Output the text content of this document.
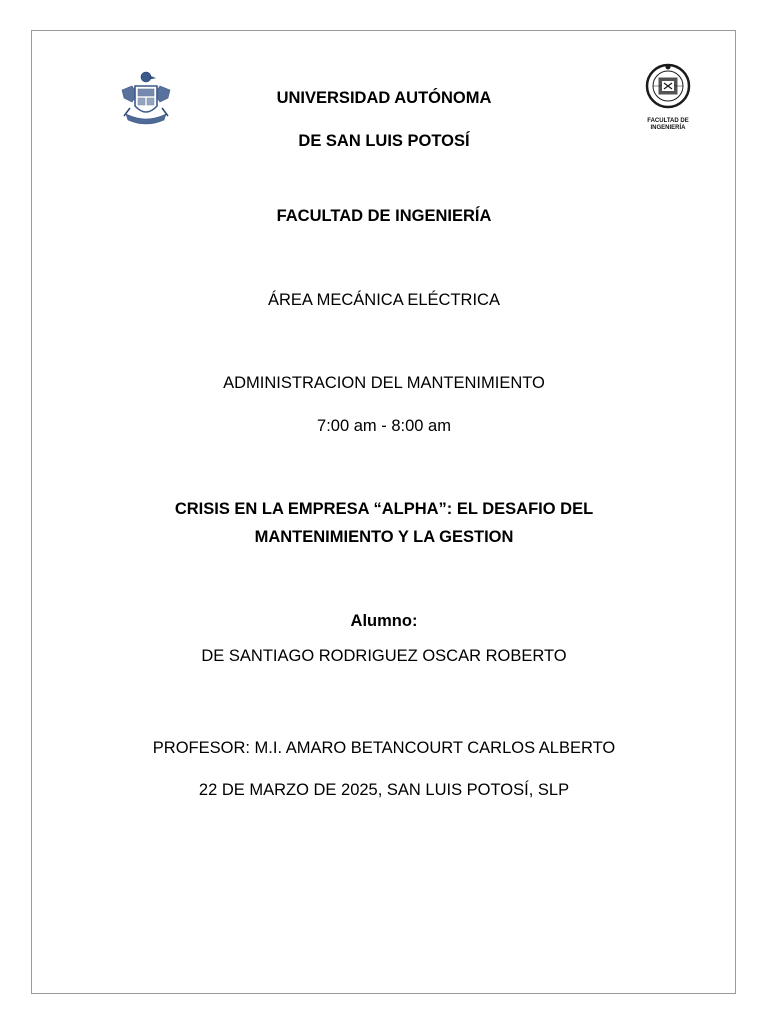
FACULTAD DE
INGENIERÍA
UNIVERSIDAD AUTÓNOMA
DE SAN LUIS POTOSÍ
FACULTAD DE INGENIERÍA
ÁREA MECÁNICA ELÉCTRICA
ADMINISTRACION DEL MANTENIMIENTO
7:00 am - 8:00 am
CRISIS EN LA EMPRESA “ALPHA”: EL DESAFIO DEL
MANTENIMIENTO Y LA GESTION
Alumno:
DE SANTIAGO RODRIGUEZ OSCAR ROBERTO
PROFESOR: M.I. AMARO BETANCOURT CARLOS ALBERTO
22 DE MARZO DE 2025, SAN LUIS POTOSÍ, SLP
